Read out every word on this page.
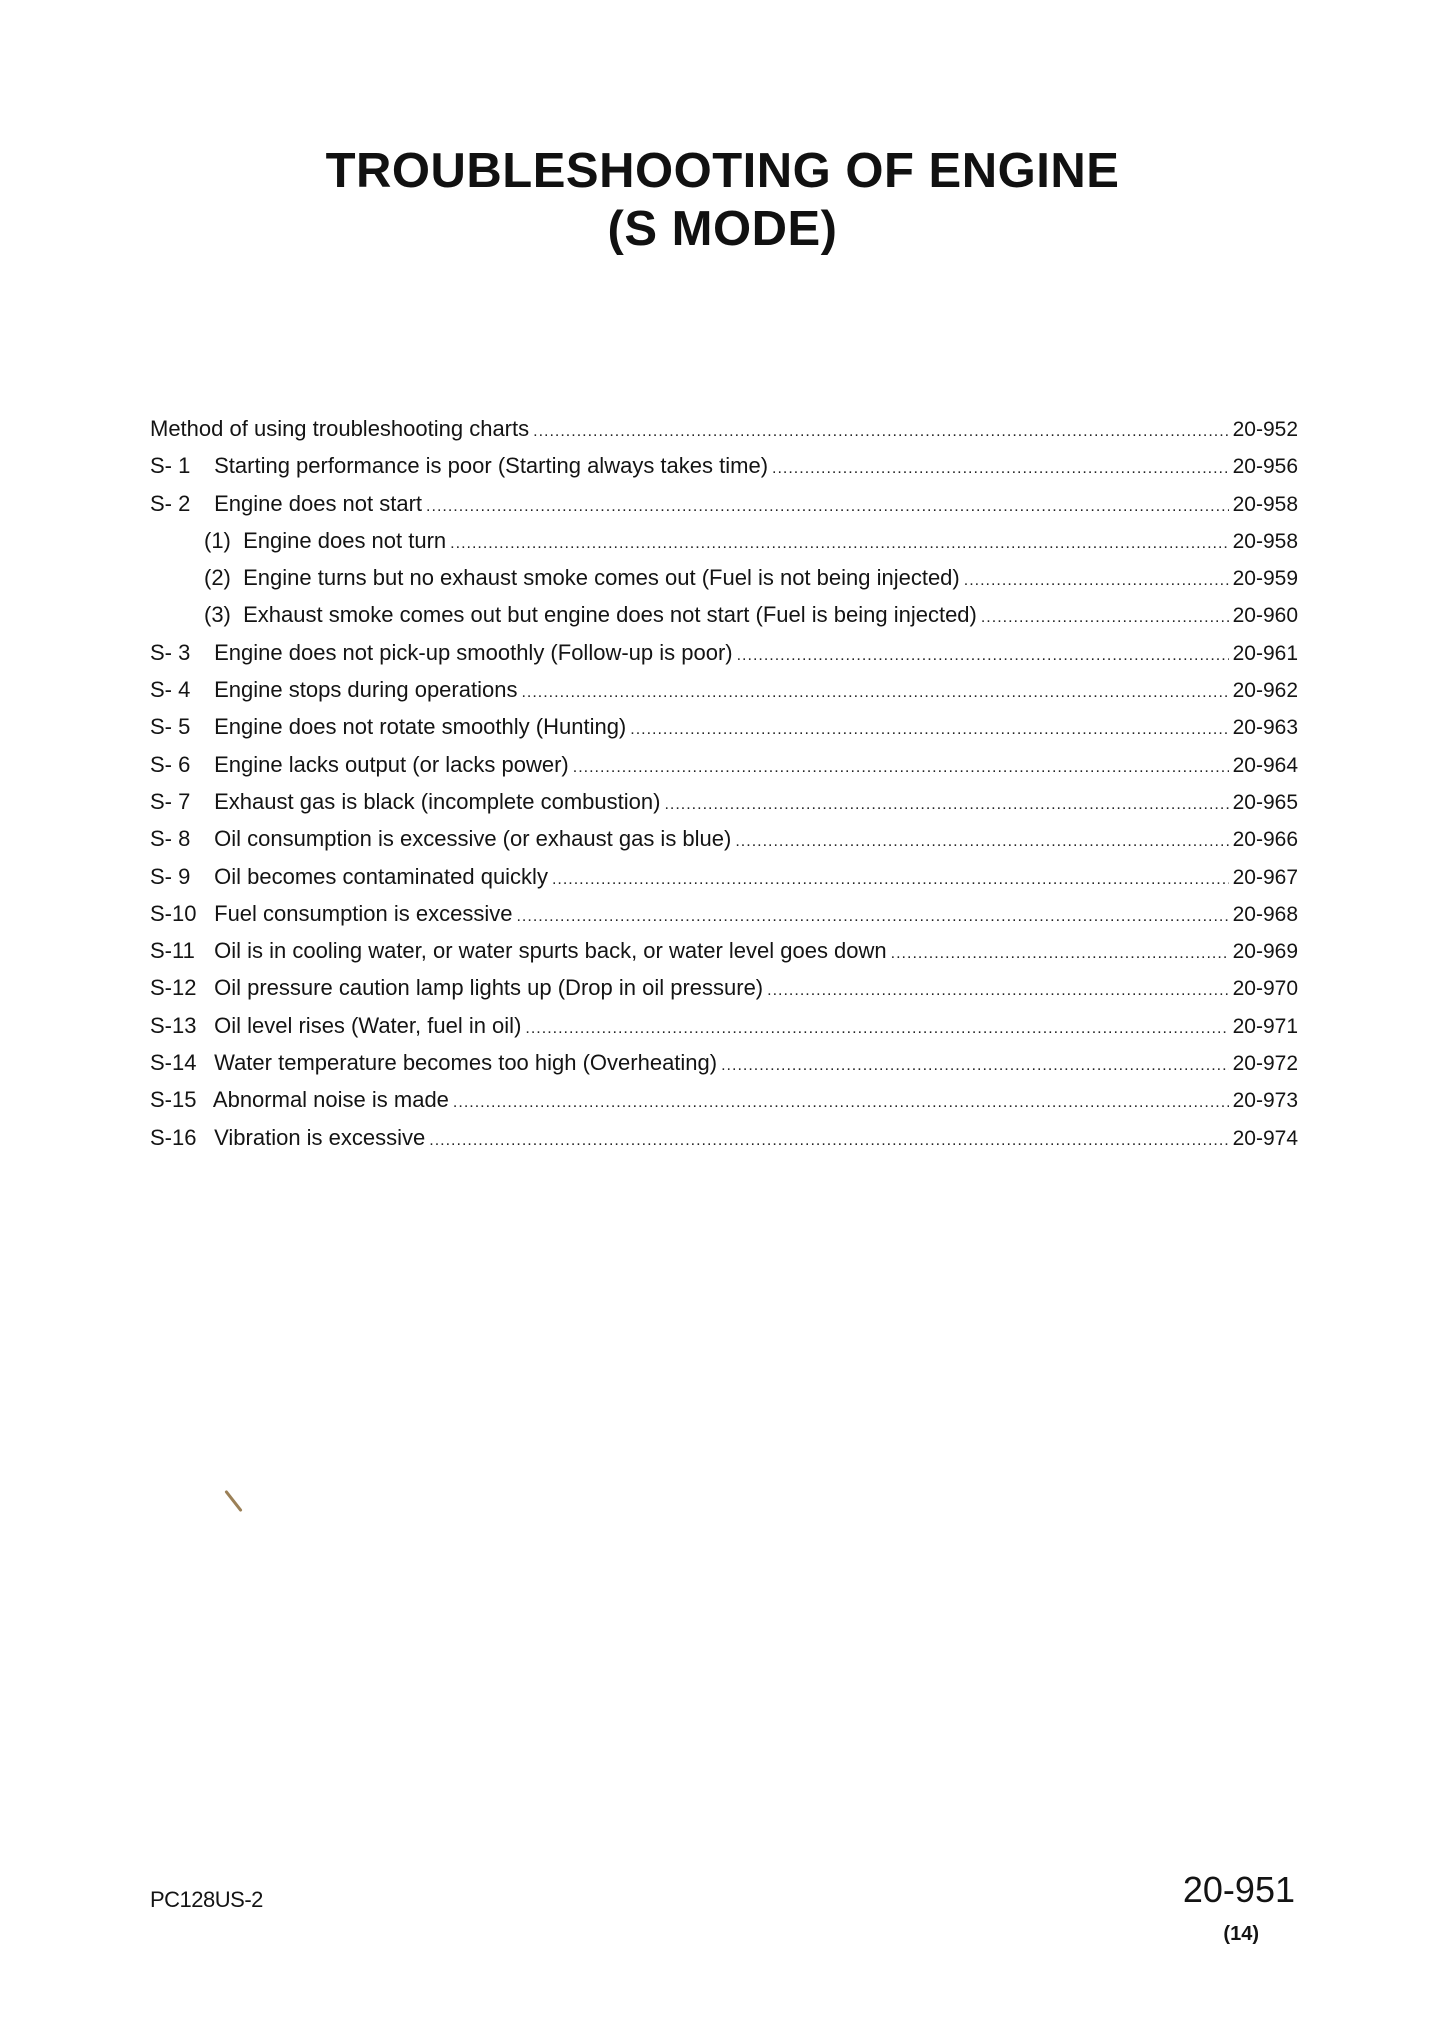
TROUBLESHOOTING OF ENGINE
(S MODE)
Method of using troubleshooting charts .....	20-952
S- 1 Starting performance is poor (Starting always takes time) .....	20-956
S- 2 Engine does not start .....	20-958
(1) Engine does not turn .....	20-958
(2) Engine turns but no exhaust smoke comes out (Fuel is not being injected) .....	20-959
(3) Exhaust smoke comes out but engine does not start (Fuel is being injected) .....	20-960
S- 3 Engine does not pick-up smoothly (Follow-up is poor) .....	20-961
S- 4 Engine stops during operations .....	20-962
S- 5 Engine does not rotate smoothly (Hunting) .....	20-963
S- 6 Engine lacks output (or lacks power) .....	20-964
S- 7 Exhaust gas is black (incomplete combustion) .....	20-965
S- 8 Oil consumption is excessive (or exhaust gas is blue) .....	20-966
S- 9 Oil becomes contaminated quickly .....	20-967
S-10 Fuel consumption is excessive .....	20-968
S-11 Oil is in cooling water, or water spurts back, or water level goes down .....	20-969
S-12 Oil pressure caution lamp lights up (Drop in oil pressure) .....	20-970
S-13 Oil level rises (Water, fuel in oil) .....	20-971
S-14 Water temperature becomes too high (Overheating) .....	20-972
S-15 Abnormal noise is made .....	20-973
S-16 Vibration is excessive .....	20-974
PC128US-2	20-951
(14)
